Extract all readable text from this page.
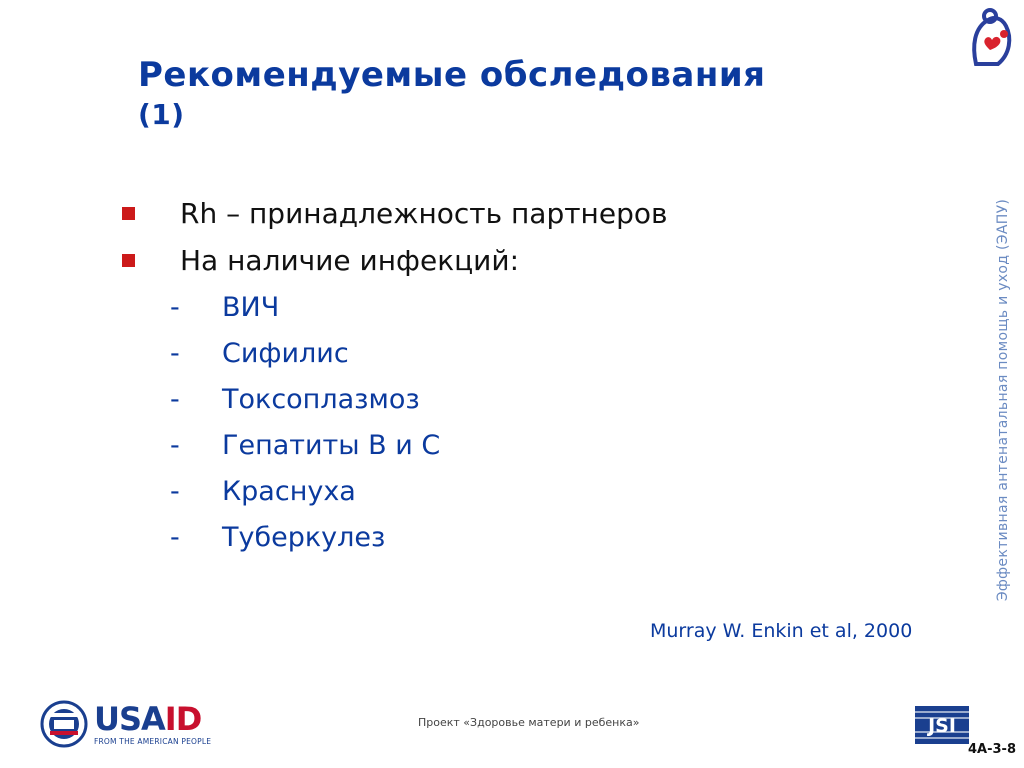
Рекомендуемые обследования
(1)
Rh – принадлежность партнеров
На наличие инфекций:
-	ВИЧ
-	Сифилис
-	Токсоплазмоз
-	Гепатиты В и С
-	Краснуха
-	Туберкулез
Murray W. Enkin et al, 2000
Эффективная антенатальная помощь и уход (ЭАПУ)
USAID
FROM THE AMERICAN PEOPLE
Проект «Здоровье матери и ребенка»	JSI
4A-3-8
